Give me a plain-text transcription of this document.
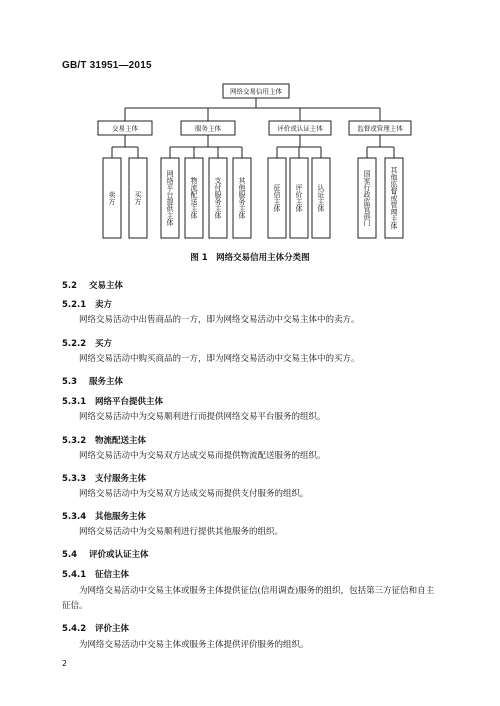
GB/T 31951—2015
网络交易信用主体
交易主体	服务主体	评价或认证主体	监督或管理主体
卖方	买方	网络平台提供主体 物流配送主体 支付服务主体 其他服务主体	征信主体 评价主体 认证主体	国家行政监管部门	其他监督或管理主体
图 1　网络交易信用主体分类图
5.2 交易主体
5.2.1 卖方
网络交易活动中出售商品的一方，即为网络交易活动中交易主体中的卖方。
5.2.2 买方
网络交易活动中购买商品的一方，即为网络交易活动中交易主体中的买方。
5.3 服务主体
5.3.1 网络平台提供主体
网络交易活动中为交易顺利进行而提供网络交易平台服务的组织。
5.3.2 物流配送主体
网络交易活动中为交易双方达成交易而提供物流配送服务的组织。
5.3.3 支付服务主体
网络交易活动中为交易双方达成交易而提供支付服务的组织。
5.3.4 其他服务主体
网络交易活动中为交易顺利进行提供其他服务的组织。
5.4 评价或认证主体
5.4.1 征信主体
为网络交易活动中交易主体或服务主体提供征信(信用调查)服务的组织，包括第三方征信和自主征信。
5.4.2 评价主体
为网络交易活动中交易主体或服务主体提供评价服务的组织。
2
